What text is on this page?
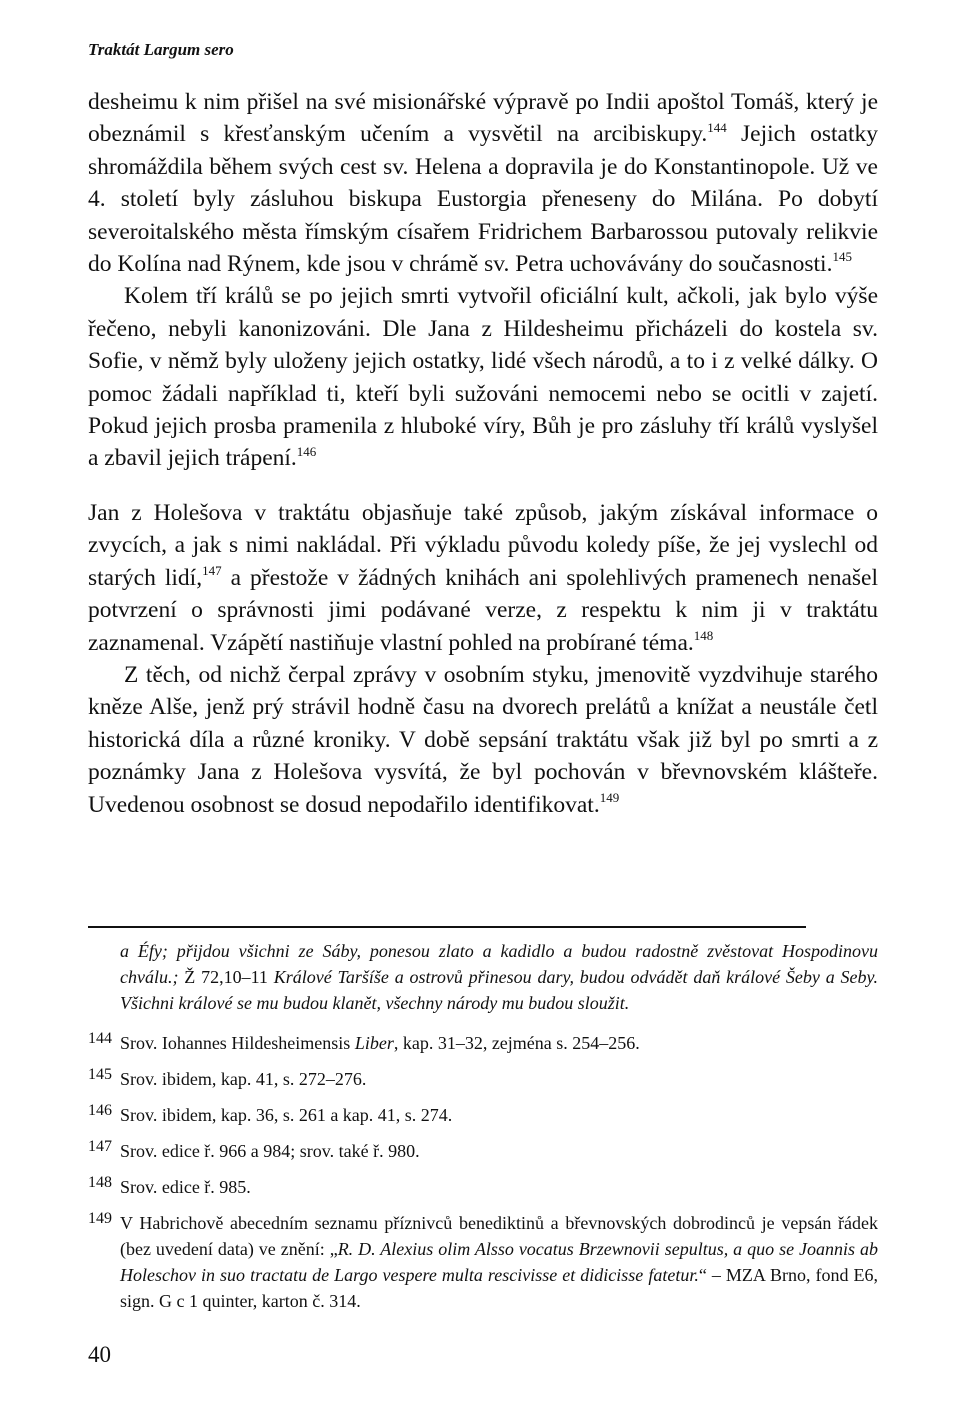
Traktát Largum sero

desheimu k nim přišel na své misionářské výpravě po Indii apoštol Tomáš, který je obeznámil s křesťanským učením a vysvětil na arcibiskupy.$^{144}$ Jejich ostatky shromáždila během svých cest sv. Helena a dopravila je do Konstantinopole. Už ve 4. století byly zásluhou biskupa Eustorgia přeneseny do Milána. Po dobytí severoitalského města římským císařem Fridrichem Barbarossou putovaly relikvie do Kolína nad Rýnem, kde jsou v chrámě sv. Petra uchovávány do současnosti.$^{145}$

Kolem tří králů se po jejich smrti vytvořil oficiální kult, ačkoli, jak bylo výše řečeno, nebyli kanonizováni. Dle Jana z Hildesheimu přicházeli do kostela sv. Sofie, v němž byly uloženy jejich ostatky, lidé všech národů, a to i z velké dálky. O pomoc žádali například ti, kteří byli sužováni nemocemi nebo se ocitli v zajetí. Pokud jejich prosba pramenila z hluboké víry, Bůh je pro zásluhy tří králů vyslyšel a zbavil jejich trápení.$^{146}$

Jan z Holešova v traktátu objasňuje také způsob, jakým získával informace o zvycích, a jak s nimi nakládal. Při výkladu původu koledy píše, že jej vyslechl od starých lidí,$^{147}$ a přestože v žádných knihách ani spolehlivých pramenech nenašel potvrzení o správnosti jimi podávané verze, z respektu k nim ji v traktátu zaznamenal. Vzápětí nastiňuje vlastní pohled na probírané téma.$^{148}$

Z těch, od nichž čerpal zprávy v osobním styku, jmenovitě vyzdvihuje starého kněze Alše, jenž prý strávil hodně času na dvorech prelátů a knížat a neustále četl historická díla a různé kroniky. V době sepsání traktátu však již byl po smrti a z poznámky Jana z Holešova vysvítá, že byl pochován v břevnovském klášteře. Uvedenou osobnost se dosud nepodařilo identifikovat.$^{149}$

a Éfy; přijdou všichni ze Sáby, ponesou zlato a kadidlo a budou radostně zvěstovat Hospodinovu chválu.; Ž 72,10–11 Králové Taršíše a ostrovů přinesou dary, budou odvádět daň králové Šeby a Seby. Všichni králové se mu budou klanět, všechny národy mu budou sloužit.

144 Srov. Iohannes Hildesheimensis Liber, kap. 31–32, zejména s. 254–256.

145 Srov. ibidem, kap. 41, s. 272–276.

146 Srov. ibidem, kap. 36, s. 261 a kap. 41, s. 274.

147 Srov. edice ř. 966 a 984; srov. také ř. 980.

148 Srov. edice ř. 985.

149 V Habrichově abecedním seznamu příznivců benediktinů a břevnovských dobrodinců je vepsán řádek (bez uvedení data) ve znění: „R. D. Alexius olim Alsso vocatus Brzewnovii sepultus, a quo se Joannis ab Holeschov in suo tractatu de Largo vespere multa rescivisse et didicisse fatetur.“ – MZA Brno, fond E6, sign. G c 1 quinter, karton č. 314.

40
